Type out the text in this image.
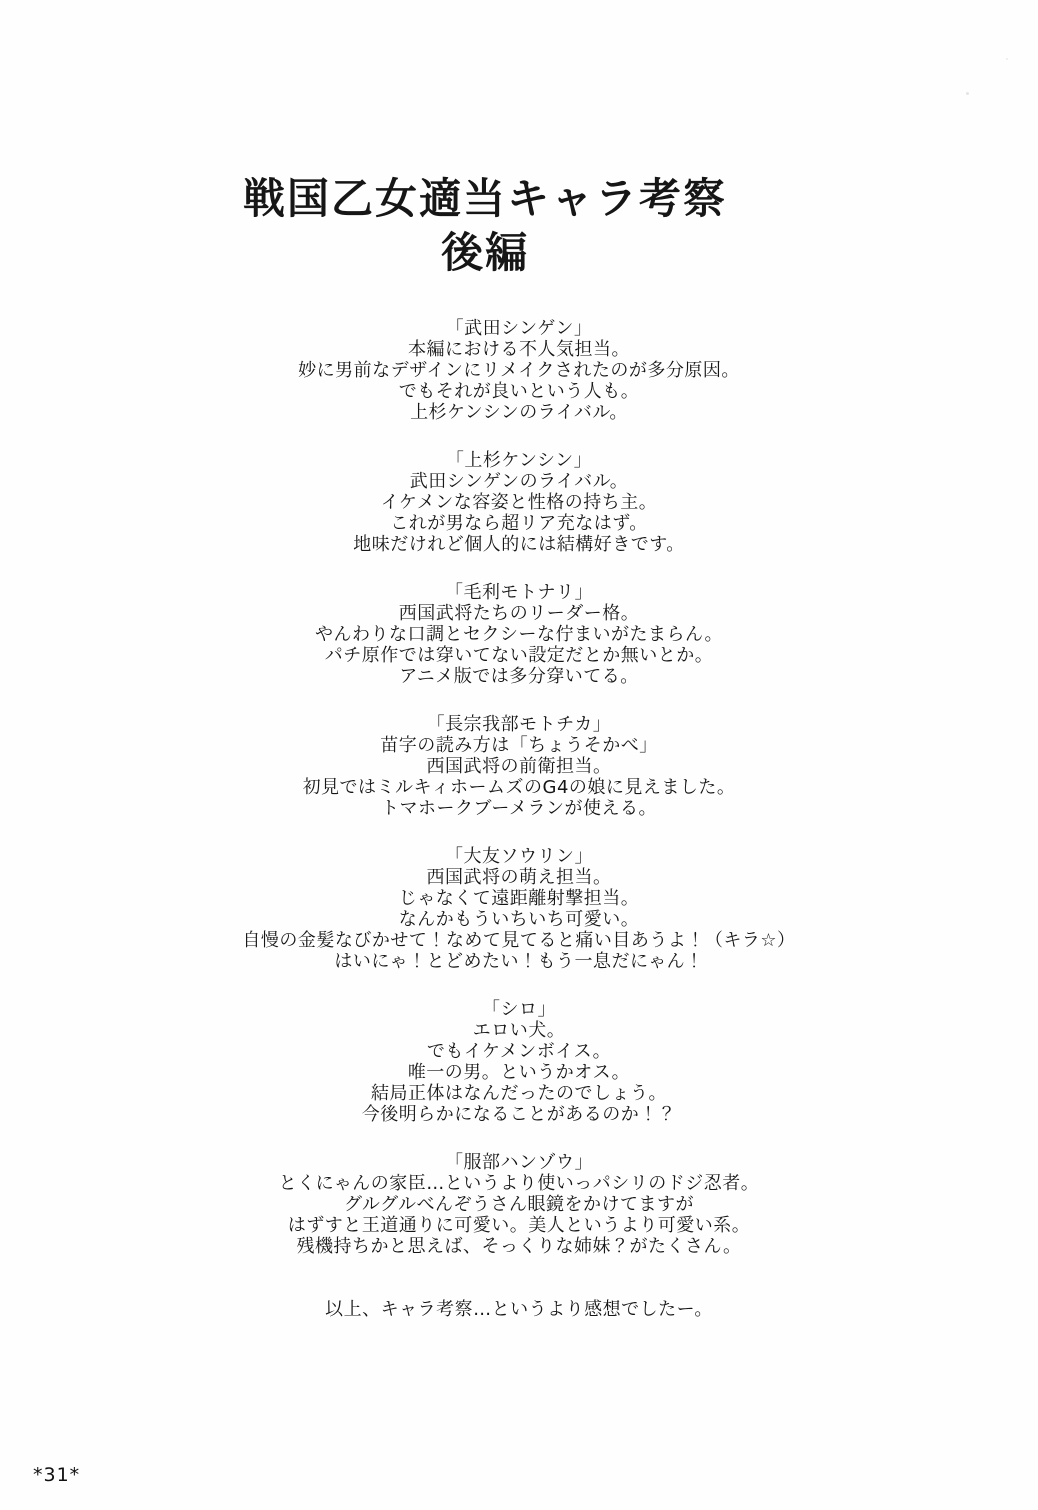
戦国乙女適当キャラ考察
後編

「武田シンゲン」

本編における不人気担当。

妙に男前なデザインにリメイクされたのが多分原因。

でもそれが良いという人も。

上杉ケンシンのライバル。

「上杉ケンシン」

武田シンゲンのライバル。

イケメンな容姿と性格の持ち主。

これが男なら超リア充なはず。

地味だけれど個人的には結構好きです。

「毛利モトナリ」

西国武将たちのリーダー格。

やんわりな口調とセクシーな佇まいがたまらん。

パチ原作では穿いてない設定だとか無いとか。

アニメ版では多分穿いてる。

「長宗我部モトチカ」

苗字の読み方は「ちょうそかべ」

西国武将の前衛担当。

初見ではミルキィホームズのG4の娘に見えました。

トマホークブーメランが使える。

「大友ソウリン」

西国武将の萌え担当。

じゃなくて遠距離射撃担当。

なんかもういちいち可愛い。

自慢の金髪なびかせて！なめて見てると痛い目あうよ！（キラ☆）

はいにゃ！とどめたい！もう一息だにゃん！

「シロ」

エロい犬。

でもイケメンボイス。

唯一の男。というかオス。

結局正体はなんだったのでしょう。

今後明らかになることがあるのか！？

「服部ハンゾウ」

とくにゃんの家臣…というより使いっパシリのドジ忍者。

グルグルべんぞうさん眼鏡をかけてますが

はずすと王道通りに可愛い。美人というより可愛い系。

残機持ちかと思えば、そっくりな姉妹？がたくさん。

以上、キャラ考察…というより感想でしたー。

*31*
